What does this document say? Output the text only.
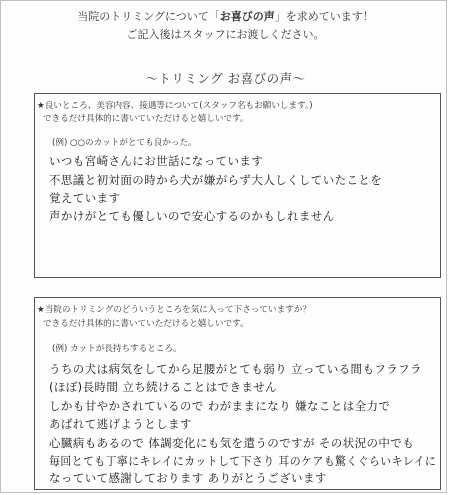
当院のトリミングについて「お喜びの声」を求めています！
ご記入後はスタッフにお渡しください。
～トリミング お喜びの声～
★良いところ、美容内容、接遇等について(スタッフ名もお願いします。)
できるだけ具体的に書いていただけると嬉しいです。
(例) ○○のカットがとても良かった。
いつも宮崎さんにお世話になっています
不思議と初対面の時から犬が嫌がらず大人しくしていたことを
覚えています
声かけがとても優しいので安心するのかもしれません
★当院のトリミングのどういうところを気に入って下さっていますか？
できるだけ具体的に書いていただけると嬉しいです。
(例) カットが長持ちするところ。
うちの犬は病気をしてから足腰がとても弱り 立っている間もフラフラ
(ほぼ)長時間 立ち続けることはできません
しかも甘やかされているので わがままになり 嫌なことは全力で
あばれて逃げようとします
心臓病もあるので 体調変化にも気を遣うのですが その状況の中でも
毎回とても丁寧にキレイにカットして下さり 耳のケアも驚くぐらいキレイに
なっていて感謝しております ありがとうございます
